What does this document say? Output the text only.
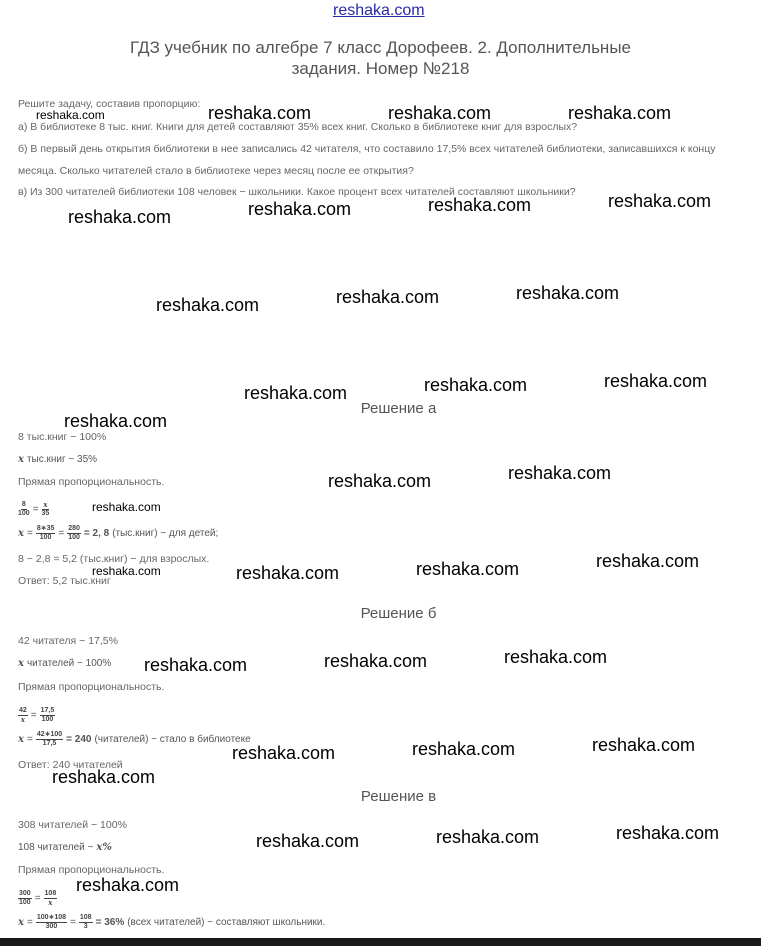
reshaka.com
ГДЗ учебник по алгебре 7 класс Дорофеев. 2. Дополнительные
задания. Номер №218
Решите задачу, составив пропорцию:
а) В библиотеке 8 тыс. книг. Книги для детей составляют 35% всех книг. Сколько в библиотеке книг для взрослых?
б) В первый день открытия библиотеки в нее записались 42 читателя, что составило 17,5% всех читателей библиотеки, записавшихся к концу
месяца. Сколько читателей стало в библиотеке через месяц после ее открытия?
в) Из 300 читателей библиотеки 108 человек − школьники. Какое процент всех читателей составляют школьники?
Решение а
8 тыс.книг − 100%
x тыс.книг − 35%
Прямая пропорциональность.
$\frac{8}{100} = \frac{x}{35}$
$x = \frac{8∗35}{100} = \frac{280}{100} = 2$, 8 (тыс.книг) − для детей;
8 − 2,8 = 5,2 (тыс.книг) − для взрослых.
Ответ: 5,2 тыс.книг
Решение б
42 читателя − 17,5%
x читателей − 100%
Прямая пропорциональность.
$\frac{42}{x} = \frac{17,5}{100}$
$x = \frac{42∗100}{17,5} = 240$ (читателей) − стало в библиотеке
Ответ: 240 читателей
Решение в
308 читателей − 100%
108 читателей − x%
Прямая пропорциональность.
$\frac{300}{100} = \frac{108}{x}$
$x = \frac{100∗108}{300} = \frac{108}{3} = 36\%$ (всех читателей) − составляют школьники.
reshaka.com	reshaka.com	reshaka.com	reshaka.com
reshaka.com	reshaka.com	reshaka.com	reshaka.com
reshaka.com	reshaka.com	reshaka.com
reshaka.com	reshaka.com	reshaka.com
reshaka.com
reshaka.com	reshaka.com
reshaka.com
reshaka.com
reshaka.com
reshaka.com
reshaka.com
reshaka.com	reshaka.com	reshaka.com
reshaka.com	reshaka.com	reshaka.com
reshaka.com
reshaka.com	reshaka.com	reshaka.com
reshaka.com
